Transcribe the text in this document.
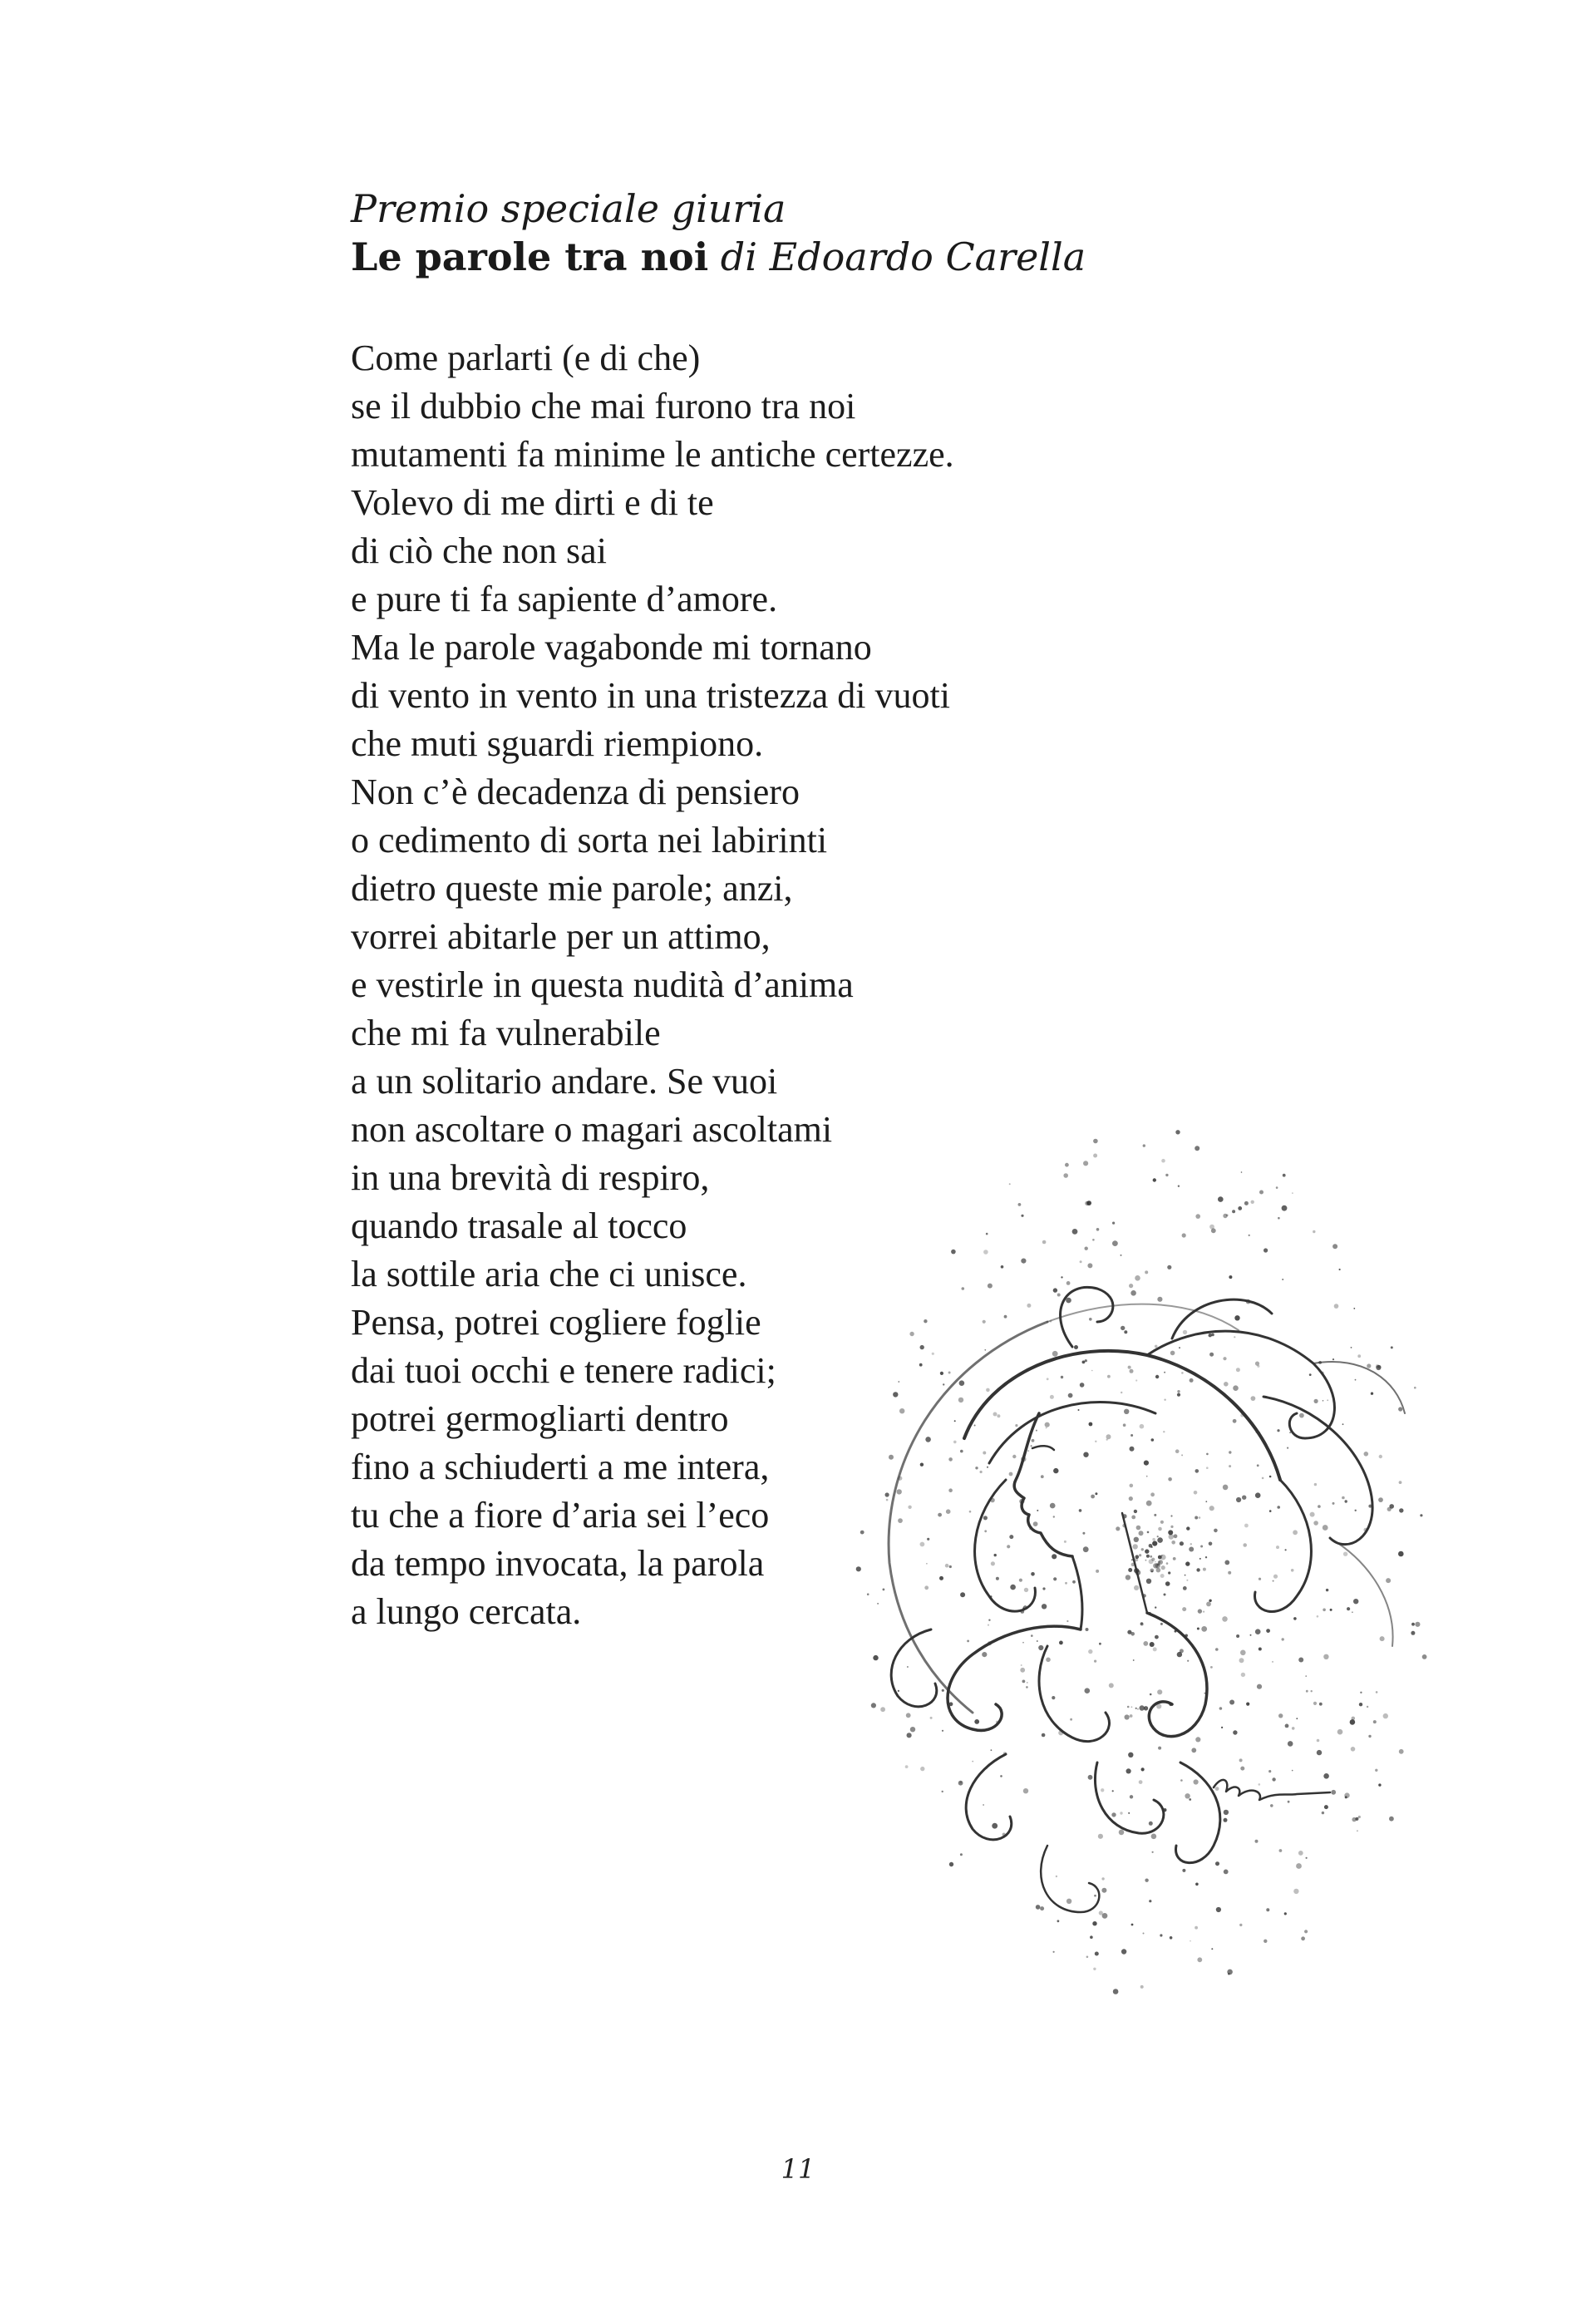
Premio speciale giuria
Le parole tra noi di Edoardo Carella
Come parlarti (e di che)
se il dubbio che mai furono tra noi
mutamenti fa minime le antiche certezze.
Volevo di me dirti e di te
di ciò che non sai
e pure ti fa sapiente d’amore.
Ma le parole vagabonde mi tornano
di vento in vento in una tristezza di vuoti
che muti sguardi riempiono.
Non c’è decadenza di pensiero
o cedimento di sorta nei labirinti
dietro queste mie parole; anzi,
vorrei abitarle per un attimo,
e vestirle in questa nudità d’anima
che mi fa vulnerabile
a un solitario andare. Se vuoi
non ascoltare o magari ascoltami
in una brevità di respiro,
quando trasale al tocco
la sottile aria che ci unisce.
Pensa, potrei cogliere foglie
dai tuoi occhi e tenere radici;
potrei germogliarti dentro
fino a schiuderti a me intera,
tu che a fiore d’aria sei l’eco
da tempo invocata, la parola
a lungo cercata.
11
